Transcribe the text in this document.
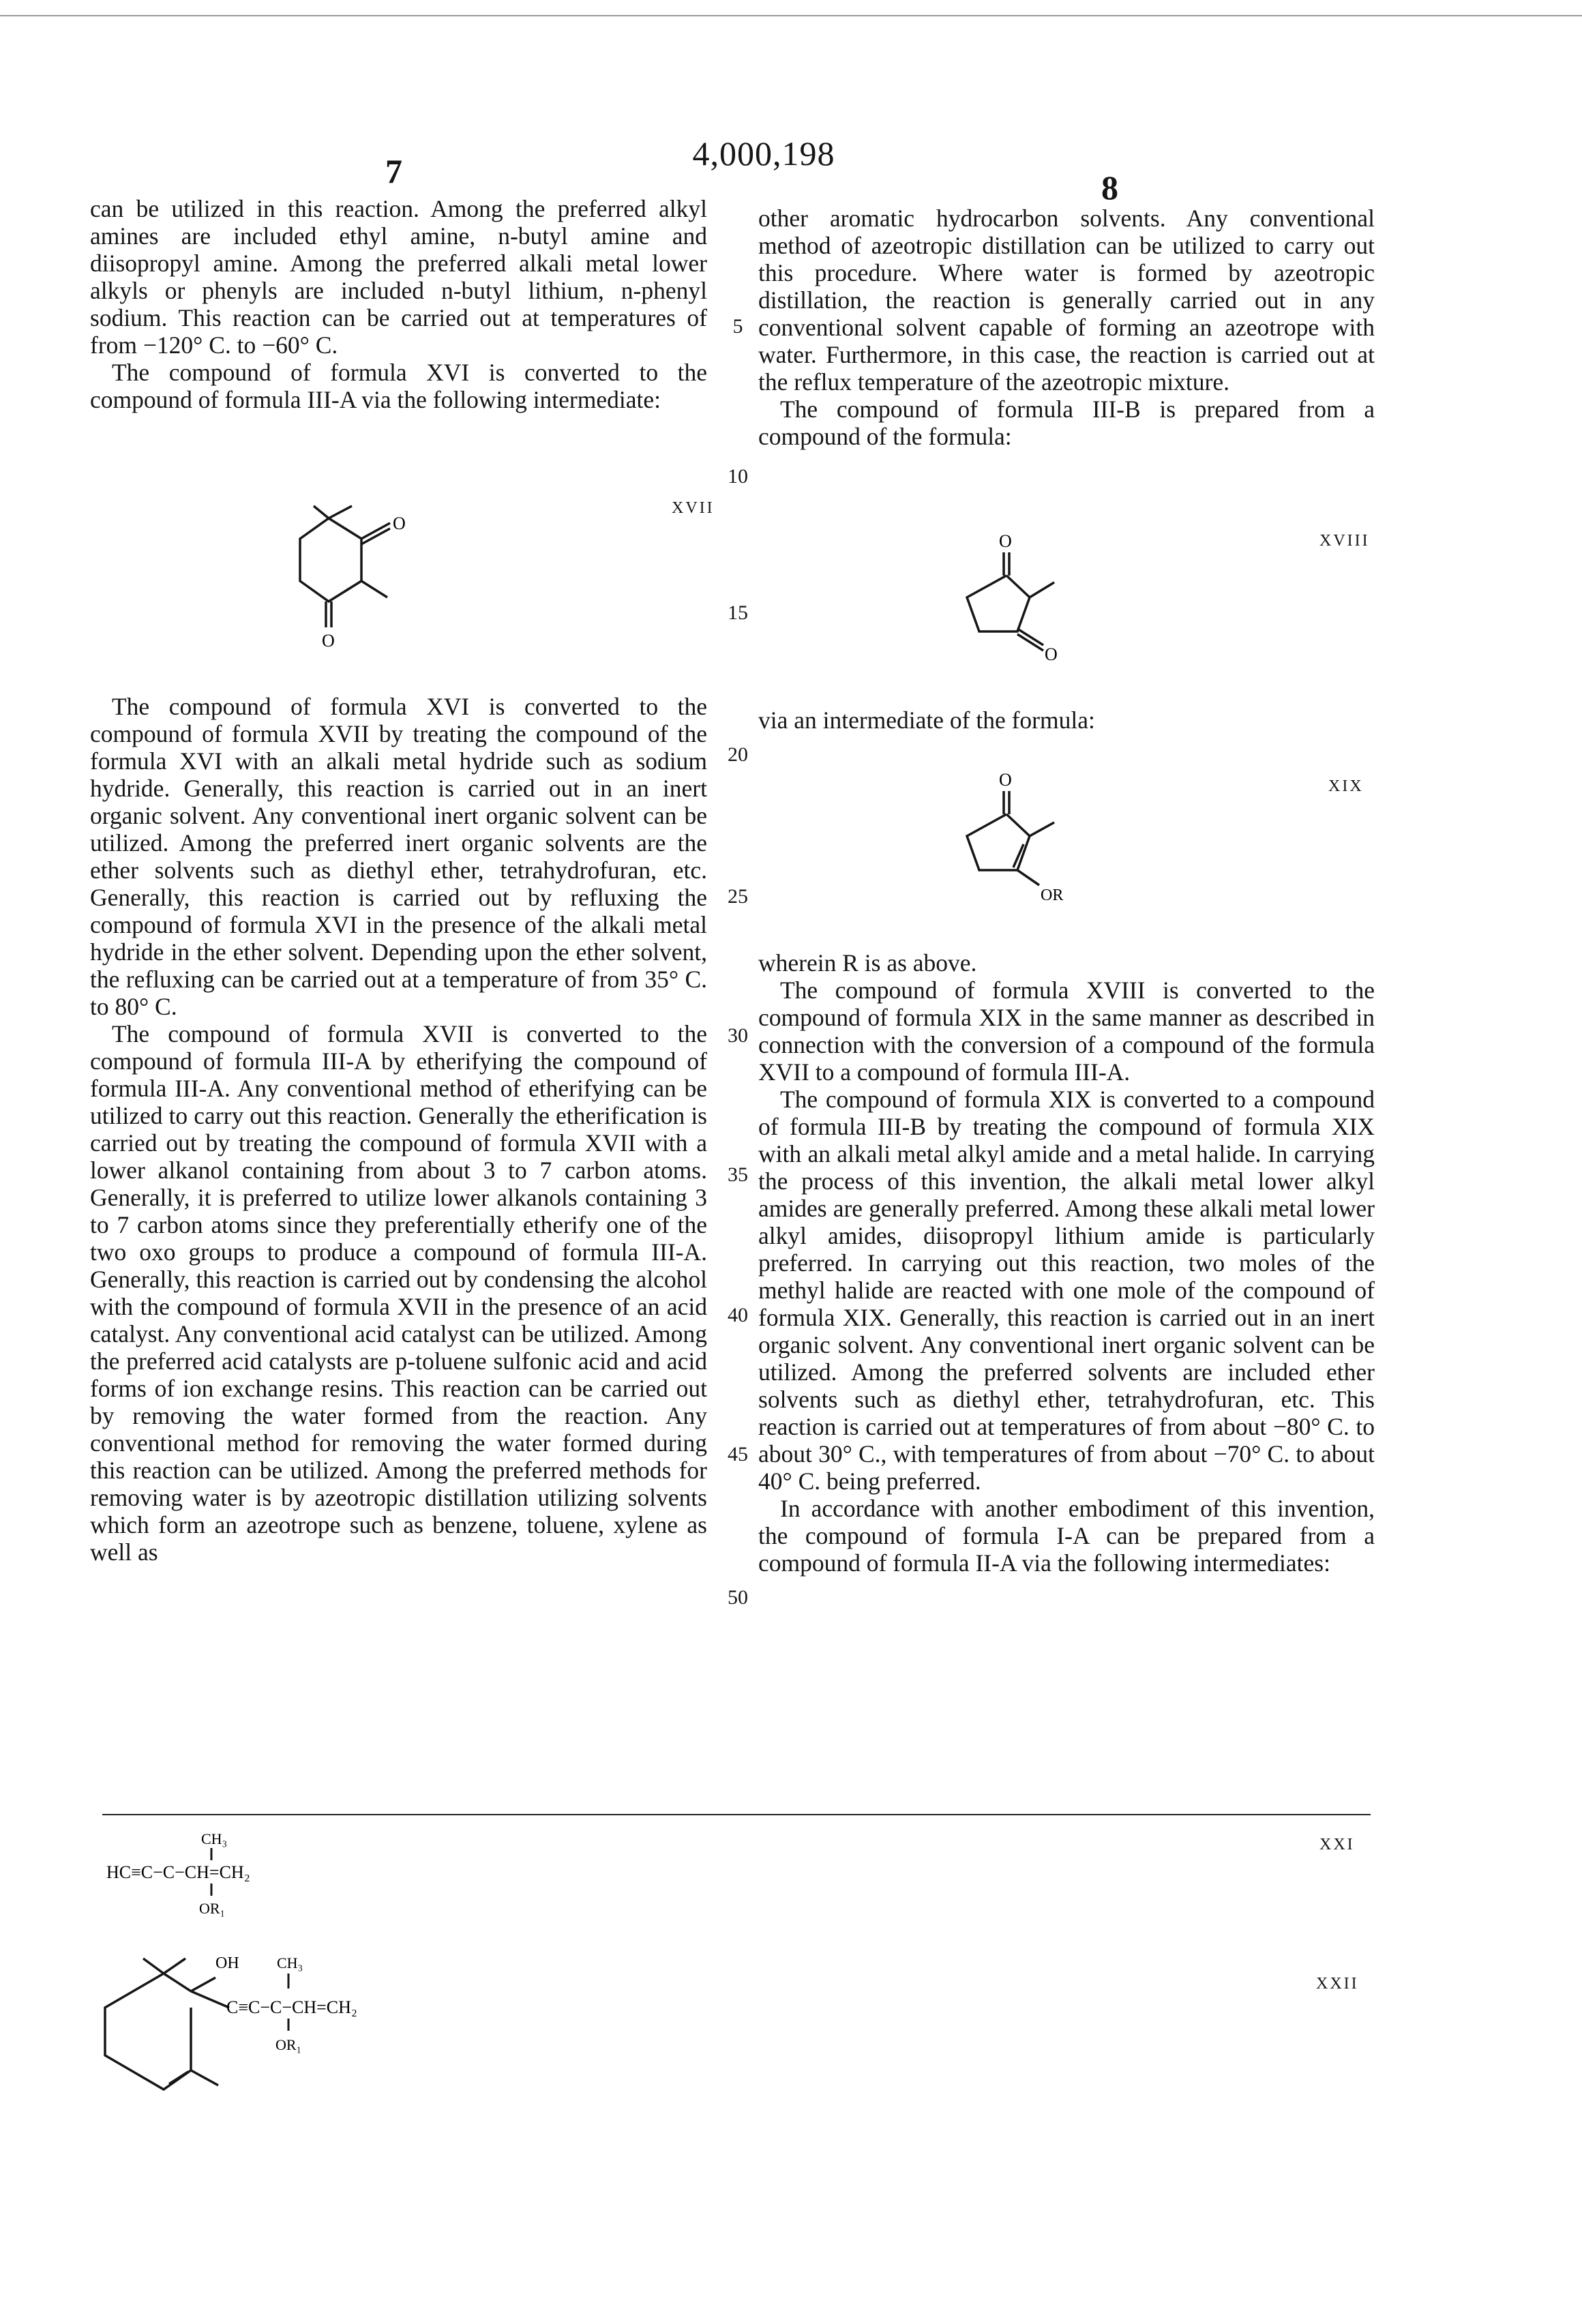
4,000,198
7	8

can be utilized in this reaction. Among the preferred alkyl amines are included ethyl amine, n-butyl amine and diisopropyl amine. Among the preferred alkali metal lower alkyls or phenyls are included n-butyl lithium, n-phenyl sodium. This reaction can be carried out at temperatures of from −120° C. to −60° C.

The compound of formula XVI is converted to the compound of formula III-A via the following intermediate:

O
O
XVII

The compound of formula XVI is converted to the compound of formula XVII by treating the compound of the formula XVI with an alkali metal hydride such as sodium hydride. Generally, this reaction is carried out in an inert organic solvent. Any conventional inert organic solvent can be utilized. Among the preferred inert organic solvents are the ether solvents such as diethyl ether, tetrahydrofuran, etc. Generally, this reaction is carried out by refluxing the compound of formula XVI in the presence of the alkali metal hydride in the ether solvent. Depending upon the ether solvent, the refluxing can be carried out at a temperature of from 35° C. to 80° C.

The compound of formula XVII is converted to the compound of formula III-A by etherifying the compound of formula III-A. Any conventional method of etherifying can be utilized to carry out this reaction. Generally the etherification is carried out by treating the compound of formula XVII with a lower alkanol containing from about 3 to 7 carbon atoms. Generally, it is preferred to utilize lower alkanols containing 3 to 7 carbon atoms since they preferentially etherify one of the two oxo groups to produce a compound of formula III-A. Generally, this reaction is carried out by condensing the alcohol with the compound of formula XVII in the presence of an acid catalyst. Any conventional acid catalyst can be utilized. Among the preferred acid catalysts are p-toluene sulfonic acid and acid forms of ion exchange resins. This reaction can be carried out by removing the water formed from the reaction. Any conventional method for removing the water formed during this reaction can be utilized. Among the preferred methods for removing water is by azeotropic distillation utilizing solvents which form an azeotrope such as benzene, toluene, xylene as well as

5
10
15
20
25
30
35
40
45
50

other aromatic hydrocarbon solvents. Any conventional method of azeotropic distillation can be utilized to carry out this procedure. Where water is formed by azeotropic distillation, the reaction is generally carried out in any conventional solvent capable of forming an azeotrope with water. Furthermore, in this case, the reaction is carried out at the reflux temperature of the azeotropic mixture.

The compound of formula III-B is prepared from a compound of the formula:

O
O
XVIII

via an intermediate of the formula:

O
OR
XIX

wherein R is as above.

The compound of formula XVIII is converted to the compound of formula XIX in the same manner as described in connection with the conversion of a compound of the formula XVII to a compound of formula III-A.

The compound of formula XIX is converted to a compound of formula III-B by treating the compound of formula XIX with an alkali metal alkyl amide and a metal halide. In carrying the process of this invention, the alkali metal lower alkyl amides are generally preferred. Among these alkali metal lower alkyl amides, diisopropyl lithium amide is particularly preferred. In carrying out this reaction, two moles of the methyl halide are reacted with one mole of the compound of formula XIX. Generally, this reaction is carried out in an inert organic solvent. Any conventional inert organic solvent can be utilized. Among the preferred solvents are included ether solvents such as diethyl ether, tetrahydrofuran, etc. This reaction is carried out at temperatures of from about −80° C. to about 30° C., with temperatures of from about −70° C. to about 40° C. being preferred.

In accordance with another embodiment of this invention, the compound of formula I-A can be prepared from a compound of formula II-A via the following intermediates:

CH₃
HC≡C−C−CH=CH₂
OR₁
XXI
OH	CH₃
C≡C−C−CH=CH₂
OR₁
XXII
